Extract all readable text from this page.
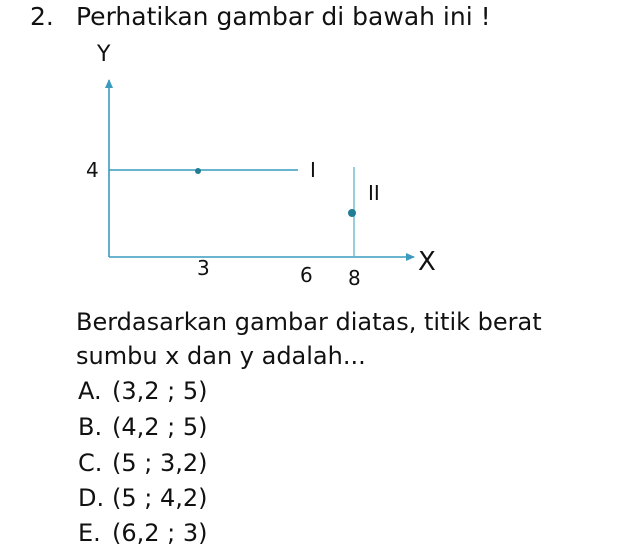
2. Perhatikan gambar di bawah ini !
Y
X
4
3	6 8
I
II
Berdasarkan gambar diatas, titik berat
sumbu x dan y adalah...
A. (3,2 ; 5)
B. (4,2 ; 5)
C. (5 ; 3,2)
D. (5 ; 4,2)
E. (6,2 ; 3)
